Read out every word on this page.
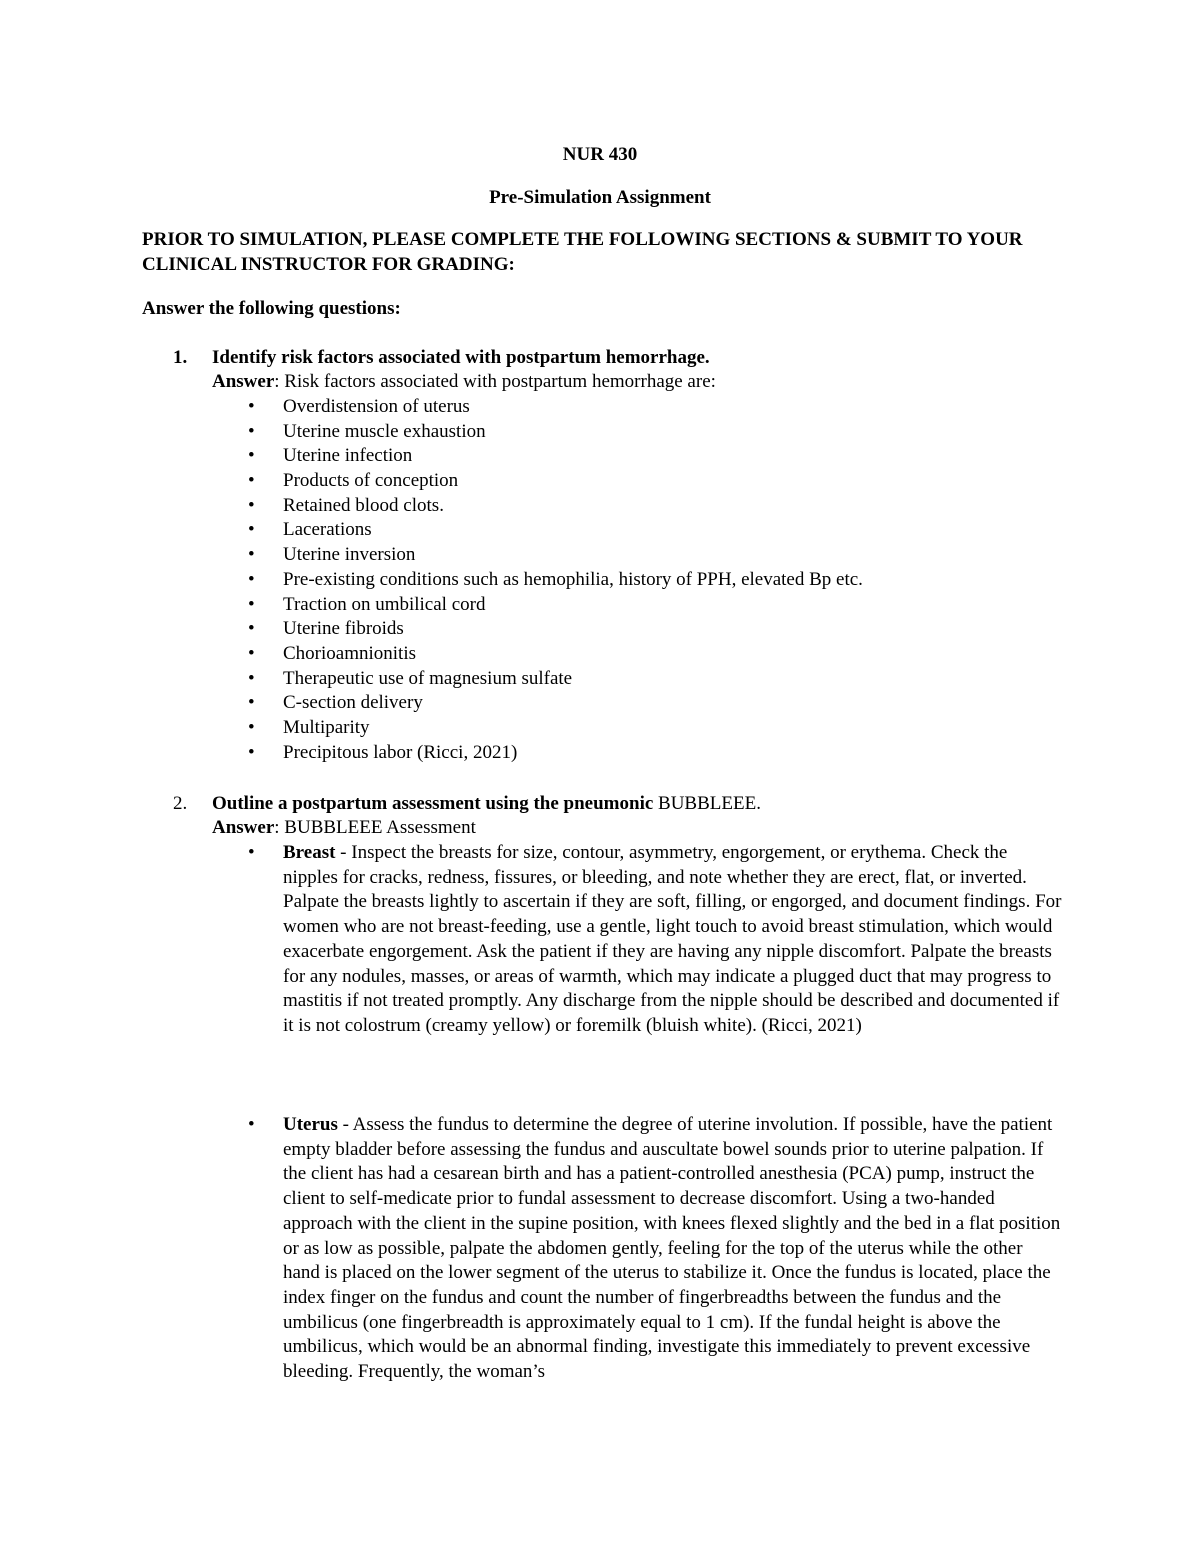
NUR 430
Pre-Simulation Assignment
PRIOR TO SIMULATION, PLEASE COMPLETE THE FOLLOWING SECTIONS & SUBMIT TO YOUR CLINICAL INSTRUCTOR FOR GRADING:
Answer the following questions:
1. Identify risk factors associated with postpartum hemorrhage.
Answer: Risk factors associated with postpartum hemorrhage are:
• Overdistension of uterus
• Uterine muscle exhaustion
• Uterine infection
• Products of conception
• Retained blood clots.
• Lacerations
• Uterine inversion
• Pre-existing conditions such as hemophilia, history of PPH, elevated Bp etc.
• Traction on umbilical cord
• Uterine fibroids
• Chorioamnionitis
• Therapeutic use of magnesium sulfate
• C-section delivery
• Multiparity
• Precipitous labor (Ricci, 2021)
2. Outline a postpartum assessment using the pneumonic BUBBLEEE.
Answer: BUBBLEEE Assessment
• Breast - Inspect the breasts for size, contour, asymmetry, engorgement, or erythema. Check the nipples for cracks, redness, fissures, or bleeding, and note whether they are erect, flat, or inverted. Palpate the breasts lightly to ascertain if they are soft, filling, or engorged, and document findings. For women who are not breast-feeding, use a gentle, light touch to avoid breast stimulation, which would exacerbate engorgement. Ask the patient if they are having any nipple discomfort. Palpate the breasts for any nodules, masses, or areas of warmth, which may indicate a plugged duct that may progress to mastitis if not treated promptly. Any discharge from the nipple should be described and documented if it is not colostrum (creamy yellow) or foremilk (bluish white). (Ricci, 2021)
• Uterus - Assess the fundus to determine the degree of uterine involution. If possible, have the patient empty bladder before assessing the fundus and auscultate bowel sounds prior to uterine palpation. If the client has had a cesarean birth and has a patient-controlled anesthesia (PCA) pump, instruct the client to self-medicate prior to fundal assessment to decrease discomfort. Using a two-handed approach with the client in the supine position, with knees flexed slightly and the bed in a flat position or as low as possible, palpate the abdomen gently, feeling for the top of the uterus while the other hand is placed on the lower segment of the uterus to stabilize it. Once the fundus is located, place the index finger on the fundus and count the number of fingerbreadths between the fundus and the umbilicus (one fingerbreadth is approximately equal to 1 cm). If the fundal height is above the umbilicus, which would be an abnormal finding, investigate this immediately to prevent excessive bleeding. Frequently, the woman’s
